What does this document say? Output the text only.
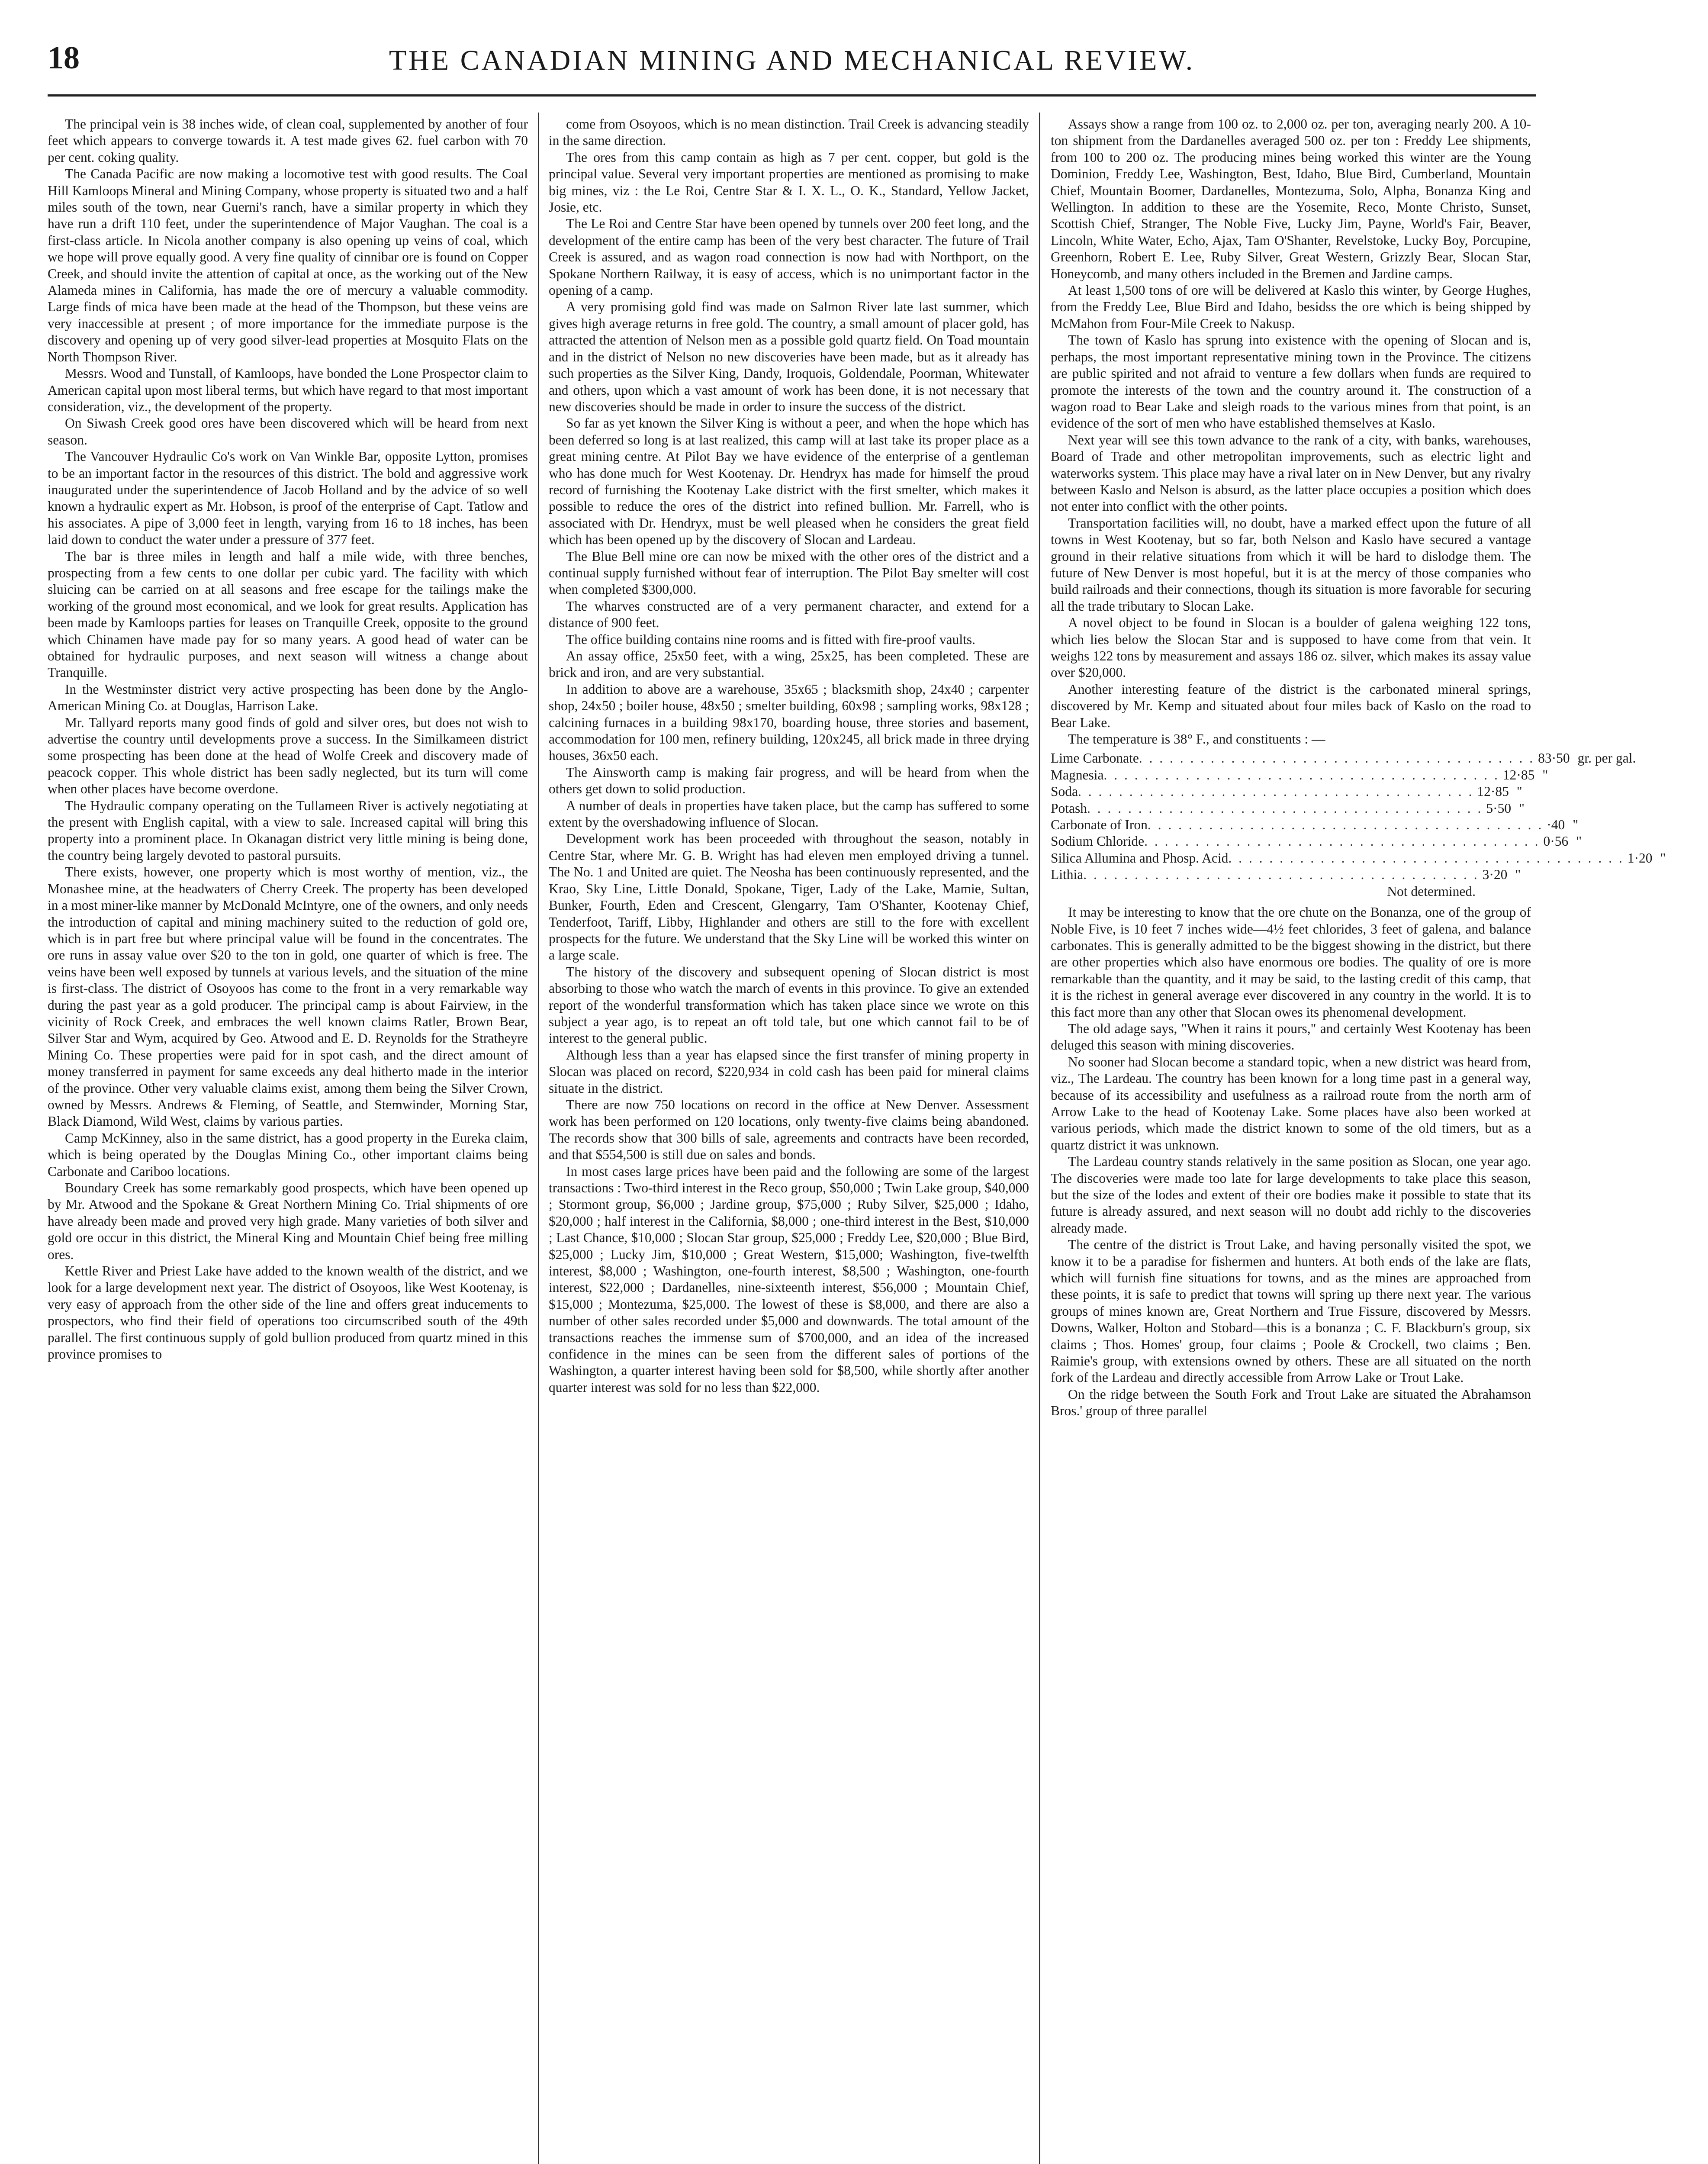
18	THE CANADIAN MINING AND MECHANICAL REVIEW.

The principal vein is 38 inches wide, of clean coal, supplemented by another of four feet which appears to converge towards it. A test made gives 62. fuel carbon with 70 per cent. coking quality.

The Canada Pacific are now making a locomotive test with good results. The Coal Hill Kamloops Mineral and Mining Company, whose property is situated two and a half miles south of the town, near Guerni's ranch, have a similar property in which they have run a drift 110 feet, under the superintendence of Major Vaughan. The coal is a first-class article. In Nicola another company is also opening up veins of coal, which we hope will prove equally good. A very fine quality of cinnibar ore is found on Copper Creek, and should invite the attention of capital at once, as the working out of the New Alameda mines in California, has made the ore of mercury a valuable commodity. Large finds of mica have been made at the head of the Thompson, but these veins are very inaccessible at present ; of more importance for the immediate purpose is the discovery and opening up of very good silver-lead properties at Mosquito Flats on the North Thompson River.

Messrs. Wood and Tunstall, of Kamloops, have bonded the Lone Prospector claim to American capital upon most liberal terms, but which have regard to that most important consideration, viz., the development of the property.

On Siwash Creek good ores have been discovered which will be heard from next season.

The Vancouver Hydraulic Co's work on Van Winkle Bar, opposite Lytton, promises to be an important factor in the resources of this district. The bold and aggressive work inaugurated under the superintendence of Jacob Holland and by the advice of so well known a hydraulic expert as Mr. Hobson, is proof of the enterprise of Capt. Tatlow and his associates. A pipe of 3,000 feet in length, varying from 16 to 18 inches, has been laid down to conduct the water under a pressure of 377 feet.

The bar is three miles in length and half a mile wide, with three benches, prospecting from a few cents to one dollar per cubic yard. The facility with which sluicing can be carried on at all seasons and free escape for the tailings make the working of the ground most economical, and we look for great results. Application has been made by Kamloops parties for leases on Tranquille Creek, opposite to the ground which Chinamen have made pay for so many years. A good head of water can be obtained for hydraulic purposes, and next season will witness a change about Tranquille.

In the Westminster district very active prospecting has been done by the Anglo-American Mining Co. at Douglas, Harrison Lake.

Mr. Tallyard reports many good finds of gold and silver ores, but does not wish to advertise the country until developments prove a success. In the Similkameen district some prospecting has been done at the head of Wolfe Creek and discovery made of peacock copper. This whole district has been sadly neglected, but its turn will come when other places have become overdone.

The Hydraulic company operating on the Tullameen River is actively negotiating at the present with English capital, with a view to sale. Increased capital will bring this property into a prominent place. In Okanagan district very little mining is being done, the country being largely devoted to pastoral pursuits.

There exists, however, one property which is most worthy of mention, viz., the Monashee mine, at the headwaters of Cherry Creek. The property has been developed in a most miner-like manner by McDonald McIntyre, one of the owners, and only needs the introduction of capital and mining machinery suited to the reduction of gold ore, which is in part free but where principal value will be found in the concentrates. The ore runs in assay value over $20 to the ton in gold, one quarter of which is free. The veins have been well exposed by tunnels at various levels, and the situation of the mine is first-class. The district of Osoyoos has come to the front in a very remarkable way during the past year as a gold producer. The principal camp is about Fairview, in the vicinity of Rock Creek, and embraces the well known claims Ratler, Brown Bear, Silver Star and Wym, acquired by Geo. Atwood and E. D. Reynolds for the Stratheyre Mining Co. These properties were paid for in spot cash, and the direct amount of money transferred in payment for same exceeds any deal hitherto made in the interior of the province. Other very valuable claims exist, among them being the Silver Crown, owned by Messrs. Andrews & Fleming, of Seattle, and Stemwinder, Morning Star, Black Diamond, Wild West, claims by various parties.

Camp McKinney, also in the same district, has a good property in the Eureka claim, which is being operated by the Douglas Mining Co., other important claims being Carbonate and Cariboo locations.

Boundary Creek has some remarkably good prospects, which have been opened up by Mr. Atwood and the Spokane & Great Northern Mining Co. Trial shipments of ore have already been made and proved very high grade. Many varieties of both silver and gold ore occur in this district, the Mineral King and Mountain Chief being free milling ores.

Kettle River and Priest Lake have added to the known wealth of the district, and we look for a large development next year. The district of Osoyoos, like West Kootenay, is very easy of approach from the other side of the line and offers great inducements to prospectors, who find their field of operations too circumscribed south of the 49th parallel. The first continuous supply of gold bullion produced from quartz mined in this province promises to

come from Osoyoos, which is no mean distinction. Trail Creek is advancing steadily in the same direction.

The ores from this camp contain as high as 7 per cent. copper, but gold is the principal value. Several very important properties are mentioned as promising to make big mines, viz : the Le Roi, Centre Star & I. X. L., O. K., Standard, Yellow Jacket, Josie, etc.

The Le Roi and Centre Star have been opened by tunnels over 200 feet long, and the development of the entire camp has been of the very best character. The future of Trail Creek is assured, and as wagon road connection is now had with Northport, on the Spokane Northern Railway, it is easy of access, which is no unimportant factor in the opening of a camp.

A very promising gold find was made on Salmon River late last summer, which gives high average returns in free gold. The country, a small amount of placer gold, has attracted the attention of Nelson men as a possible gold quartz field. On Toad mountain and in the district of Nelson no new discoveries have been made, but as it already has such properties as the Silver King, Dandy, Iroquois, Goldendale, Poorman, Whitewater and others, upon which a vast amount of work has been done, it is not necessary that new discoveries should be made in order to insure the success of the district.

So far as yet known the Silver King is without a peer, and when the hope which has been deferred so long is at last realized, this camp will at last take its proper place as a great mining centre. At Pilot Bay we have evidence of the enterprise of a gentleman who has done much for West Kootenay. Dr. Hendryx has made for himself the proud record of furnishing the Kootenay Lake district with the first smelter, which makes it possible to reduce the ores of the district into refined bullion. Mr. Farrell, who is associated with Dr. Hendryx, must be well pleased when he considers the great field which has been opened up by the discovery of Slocan and Lardeau.

The Blue Bell mine ore can now be mixed with the other ores of the district and a continual supply furnished without fear of interruption. The Pilot Bay smelter will cost when completed $300,000.

The wharves constructed are of a very permanent character, and extend for a distance of 900 feet.

The office building contains nine rooms and is fitted with fire-proof vaults.

An assay office, 25x50 feet, with a wing, 25x25, has been completed. These are brick and iron, and are very substantial.

In addition to above are a warehouse, 35x65 ; blacksmith shop, 24x40 ; carpenter shop, 24x50 ; boiler house, 48x50 ; smelter building, 60x98 ; sampling works, 98x128 ; calcining furnaces in a building 98x170, boarding house, three stories and basement, accommodation for 100 men, refinery building, 120x245, all brick made in three drying houses, 36x50 each.

The Ainsworth camp is making fair progress, and will be heard from when the others get down to solid production.

A number of deals in properties have taken place, but the camp has suffered to some extent by the overshadowing influence of Slocan.

Development work has been proceeded with throughout the season, notably in Centre Star, where Mr. G. B. Wright has had eleven men employed driving a tunnel. The No. 1 and United are quiet. The Neosha has been continuously represented, and the Krao, Sky Line, Little Donald, Spokane, Tiger, Lady of the Lake, Mamie, Sultan, Bunker, Fourth, Eden and Crescent, Glengarry, Tam O'Shanter, Kootenay Chief, Tenderfoot, Tariff, Libby, Highlander and others are still to the fore with excellent prospects for the future. We understand that the Sky Line will be worked this winter on a large scale.

The history of the discovery and subsequent opening of Slocan district is most absorbing to those who watch the march of events in this province. To give an extended report of the wonderful transformation which has taken place since we wrote on this subject a year ago, is to repeat an oft told tale, but one which cannot fail to be of interest to the general public.

Although less than a year has elapsed since the first transfer of mining property in Slocan was placed on record, $220,934 in cold cash has been paid for mineral claims situate in the district.

There are now 750 locations on record in the office at New Denver. Assessment work has been performed on 120 locations, only twenty-five claims being abandoned. The records show that 300 bills of sale, agreements and contracts have been recorded, and that $554,500 is still due on sales and bonds.

In most cases large prices have been paid and the following are some of the largest transactions : Two-third interest in the Reco group, $50,000 ; Twin Lake group, $40,000 ; Stormont group, $6,000 ; Jardine group, $75,000 ; Ruby Silver, $25,000 ; Idaho, $20,000 ; half interest in the California, $8,000 ; one-third interest in the Best, $10,000 ; Last Chance, $10,000 ; Slocan Star group, $25,000 ; Freddy Lee, $20,000 ; Blue Bird, $25,000 ; Lucky Jim, $10,000 ; Great Western, $15,000; Washington, five-twelfth interest, $8,000 ; Washington, one-fourth interest, $8,500 ; Washington, one-fourth interest, $22,000 ; Dardanelles, nine-sixteenth interest, $56,000 ; Mountain Chief, $15,000 ; Montezuma, $25,000. The lowest of these is $8,000, and there are also a number of other sales recorded under $5,000 and downwards. The total amount of the transactions reaches the immense sum of $700,000, and an idea of the increased confidence in the mines can be seen from the different sales of portions of the Washington, a quarter interest having been sold for $8,500, while shortly after another quarter interest was sold for no less than $22,000.

Assays show a range from 100 oz. to 2,000 oz. per ton, averaging nearly 200. A 10-ton shipment from the Dardanelles averaged 500 oz. per ton : Freddy Lee shipments, from 100 to 200 oz. The producing mines being worked this winter are the Young Dominion, Freddy Lee, Washington, Best, Idaho, Blue Bird, Cumberland, Mountain Chief, Mountain Boomer, Dardanelles, Montezuma, Solo, Alpha, Bonanza King and Wellington. In addition to these are the Yosemite, Reco, Monte Christo, Sunset, Scottish Chief, Stranger, The Noble Five, Lucky Jim, Payne, World's Fair, Beaver, Lincoln, White Water, Echo, Ajax, Tam O'Shanter, Revelstoke, Lucky Boy, Porcupine, Greenhorn, Robert E. Lee, Ruby Silver, Great Western, Grizzly Bear, Slocan Star, Honeycomb, and many others included in the Bremen and Jardine camps.

At least 1,500 tons of ore will be delivered at Kaslo this winter, by George Hughes, from the Freddy Lee, Blue Bird and Idaho, besidss the ore which is being shipped by McMahon from Four-Mile Creek to Nakusp.

The town of Kaslo has sprung into existence with the opening of Slocan and is, perhaps, the most important representative mining town in the Province. The citizens are public spirited and not afraid to venture a few dollars when funds are required to promote the interests of the town and the country around it. The construction of a wagon road to Bear Lake and sleigh roads to the various mines from that point, is an evidence of the sort of men who have established themselves at Kaslo.

Next year will see this town advance to the rank of a city, with banks, warehouses, Board of Trade and other metropolitan improvements, such as electric light and waterworks system. This place may have a rival later on in New Denver, but any rivalry between Kaslo and Nelson is absurd, as the latter place occupies a position which does not enter into conflict with the other points.

Transportation facilities will, no doubt, have a marked effect upon the future of all towns in West Kootenay, but so far, both Nelson and Kaslo have secured a vantage ground in their relative situations from which it will be hard to dislodge them. The future of New Denver is most hopeful, but it is at the mercy of those companies who build railroads and their connections, though its situation is more favorable for securing all the trade tributary to Slocan Lake.

A novel object to be found in Slocan is a boulder of galena weighing 122 tons, which lies below the Slocan Star and is supposed to have come from that vein. It weighs 122 tons by measurement and assays 186 oz. silver, which makes its assay value over $20,000.

Another interesting feature of the district is the carbonated mineral springs, discovered by Mr. Kemp and situated about four miles back of Kaslo on the road to Bear Lake.

The temperature is 38° F., and constituents : —

Lime Carbonate . . . . . . . . . . . . . . . . . . . . . . . . . . . . . . . . . . . . . . . 83·50 gr. per gal.
Magnesia . . . . . . . . . . . . . . . . . . . . . . . . . . . . . . . . . . . . . . . 12·85 "
Soda . . . . . . . . . . . . . . . . . . . . . . . . . . . . . . . . . . . . . . . 12·85 "
Potash . . . . . . . . . . . . . . . . . . . . . . . . . . . . . . . . . . . . . . . 5·50 "
Carbonate of Iron . . . . . . . . . . . . . . . . . . . . . . . . . . . . . . . . . . . . . . . ·40 "
Sodium Chloride . . . . . . . . . . . . . . . . . . . . . . . . . . . . . . . . . . . . . . . 0·56 "
Silica Allumina and Phosp. Acid . . . . . . . . . . . . . . . . . . . . . . . . . . . . . . . . . . . . . . . 1·20 "
Lithia . . . . . . . . . . . . . . . . . . . . . . . . . . . . . . . . . . . . . . . 3·20 "
Not determined.

It may be interesting to know that the ore chute on the Bonanza, one of the group of Noble Five, is 10 feet 7 inches wide—4½ feet chlorides, 3 feet of galena, and balance carbonates. This is generally admitted to be the biggest showing in the district, but there are other properties which also have enormous ore bodies. The quality of ore is more remarkable than the quantity, and it may be said, to the lasting credit of this camp, that it is the richest in general average ever discovered in any country in the world. It is to this fact more than any other that Slocan owes its phenomenal development.

The old adage says, "When it rains it pours," and certainly West Kootenay has been deluged this season with mining discoveries.

No sooner had Slocan become a standard topic, when a new district was heard from, viz., The Lardeau. The country has been known for a long time past in a general way, because of its accessibility and usefulness as a railroad route from the north arm of Arrow Lake to the head of Kootenay Lake. Some places have also been worked at various periods, which made the district known to some of the old timers, but as a quartz district it was unknown.

The Lardeau country stands relatively in the same position as Slocan, one year ago. The discoveries were made too late for large developments to take place this season, but the size of the lodes and extent of their ore bodies make it possible to state that its future is already assured, and next season will no doubt add richly to the discoveries already made.

The centre of the district is Trout Lake, and having personally visited the spot, we know it to be a paradise for fishermen and hunters. At both ends of the lake are flats, which will furnish fine situations for towns, and as the mines are approached from these points, it is safe to predict that towns will spring up there next year. The various groups of mines known are, Great Northern and True Fissure, discovered by Messrs. Downs, Walker, Holton and Stobard—this is a bonanza ; C. F. Blackburn's group, six claims ; Thos. Homes' group, four claims ; Poole & Crockell, two claims ; Ben. Raimie's group, with extensions owned by others. These are all situated on the north fork of the Lardeau and directly accessible from Arrow Lake or Trout Lake.

On the ridge between the South Fork and Trout Lake are situated the Abrahamson Bros.' group of three parallel
